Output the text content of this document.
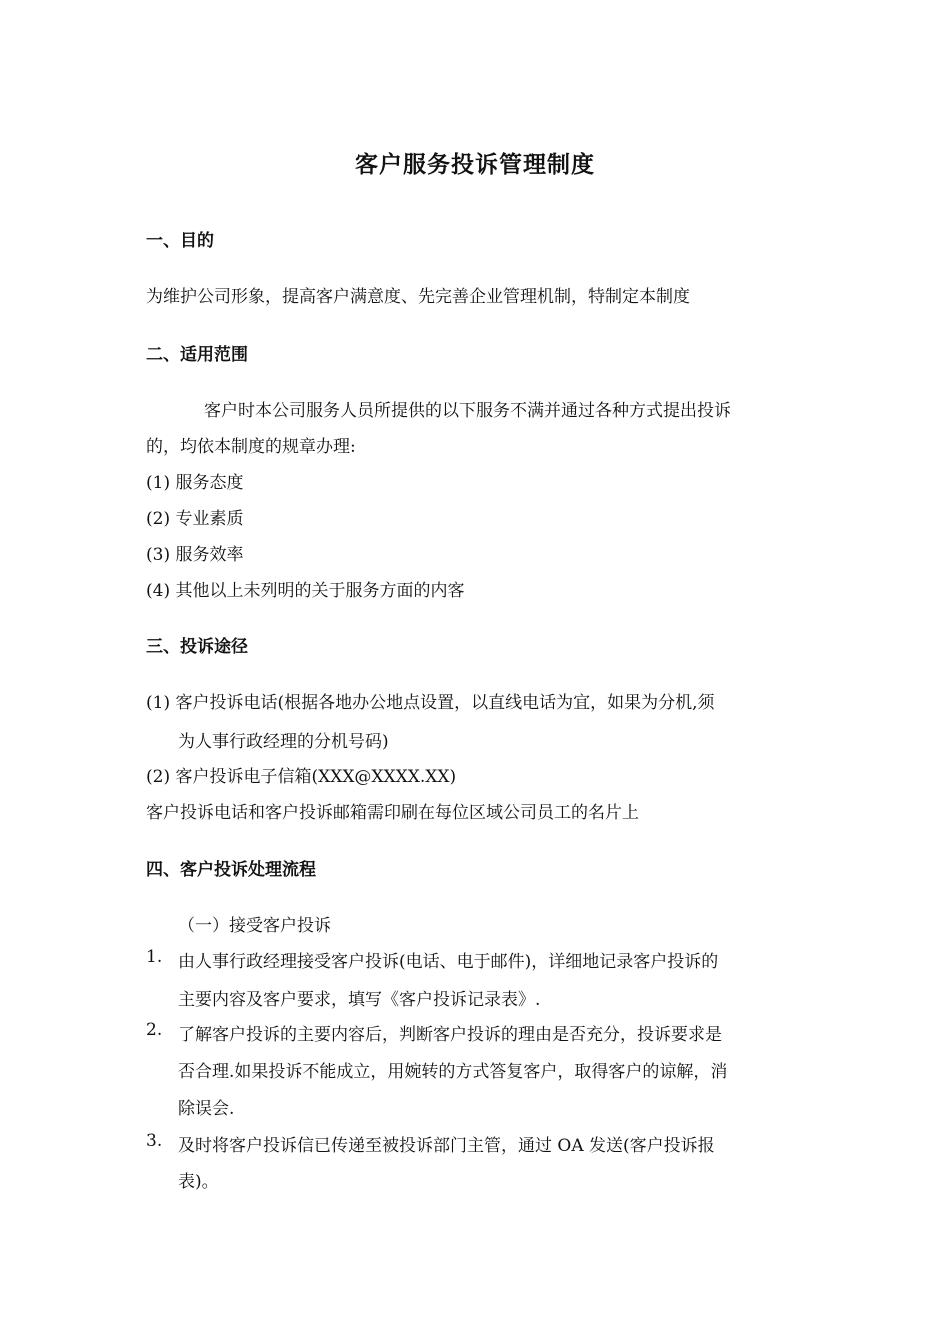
客户服务投诉管理制度
一、目的
为维护公司形象，提高客户满意度、先完善企业管理机制，特制定本制度
二、适用范围
客户时本公司服务人员所提供的以下服务不满并通过各种方式提出投诉
的，均依本制度的规章办理:
(1) 服务态度
(2) 专业素质
(3) 服务效率
(4) 其他以上未列明的关于服务方面的内客
三、投诉途径
(1) 客户投诉电话(根据各地办公地点设置，以直线电话为宜，如果为分机,须
为人事行政经理的分机号码)
(2) 客户投诉电子信箱(XXX@XXXX.XX)
客户投诉电话和客户投诉邮箱需印刷在每位区域公司员工的名片上
四、客户投诉处理流程
（一）接受客户投诉
1. 由人事行政经理接受客户投诉(电话、电于邮件)，详细地记录客户投诉的
主要内容及客户要求，填写《客户投诉记录表》.
2. 了解客户投诉的主要内容后，判断客户投诉的理由是否充分，投诉要求是
否合理.如果投诉不能成立，用婉转的方式答复客户，取得客户的谅解，消
除误会.
3. 及时将客户投诉信已传递至被投诉部门主管，通过 OA 发送(客户投诉报
表)。
